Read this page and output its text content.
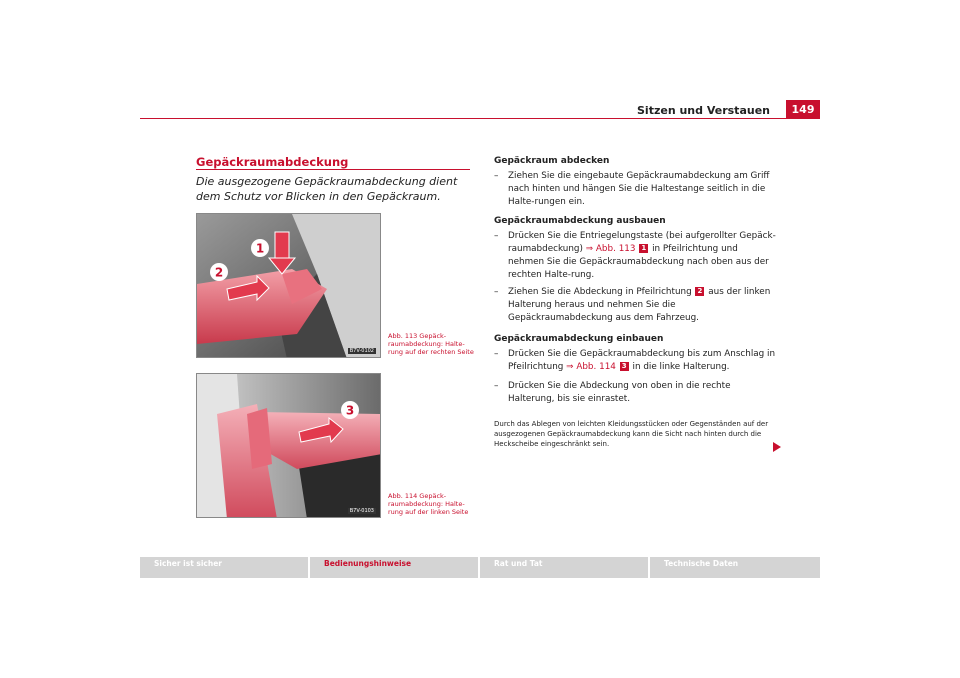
Sitzen und Verstauen	149
Gepäckraumabdeckung
Die ausgezogene Gepäckraumabdeckung dient dem Schutz vor Blicken in den Gepäckraum.
1
2
B7V-0102
Abb. 113 Gepäck-raumabdeckung: Halte-rung auf der rechten Seite
3
B7V-0103
Abb. 114 Gepäck-raumabdeckung: Halte-rung auf der linken Seite
Gepäckraum abdecken
–	Ziehen Sie die eingebaute Gepäckraumabdeckung am Griff nach hinten und hängen Sie die Haltestange seitlich in die Halte-rungen ein.
Gepäckraumabdeckung ausbauen
–	Drücken Sie die Entriegelungstaste (bei aufgerollter Gepäck-raumabdeckung) ⇒ Abb. 113 1 in Pfeilrichtung und nehmen Sie die Gepäckraumabdeckung nach oben aus der rechten Halte-rung.
–	Ziehen Sie die Abdeckung in Pfeilrichtung 2 aus der linken Halterung heraus und nehmen Sie die Gepäckraumabdeckung aus dem Fahrzeug.
Gepäckraumabdeckung einbauen
–	Drücken Sie die Gepäckraumabdeckung bis zum Anschlag in Pfeilrichtung ⇒ Abb. 114 3 in die linke Halterung.
–	Drücken Sie die Abdeckung von oben in die rechte Halterung, bis sie einrastet.
Durch das Ablegen von leichten Kleidungsstücken oder Gegenständen auf der ausgezogenen Gepäckraumabdeckung kann die Sicht nach hinten durch die Heckscheibe eingeschränkt sein.
Sicher ist sicher	Bedienungshinweise	Rat und Tat	Technische Daten
